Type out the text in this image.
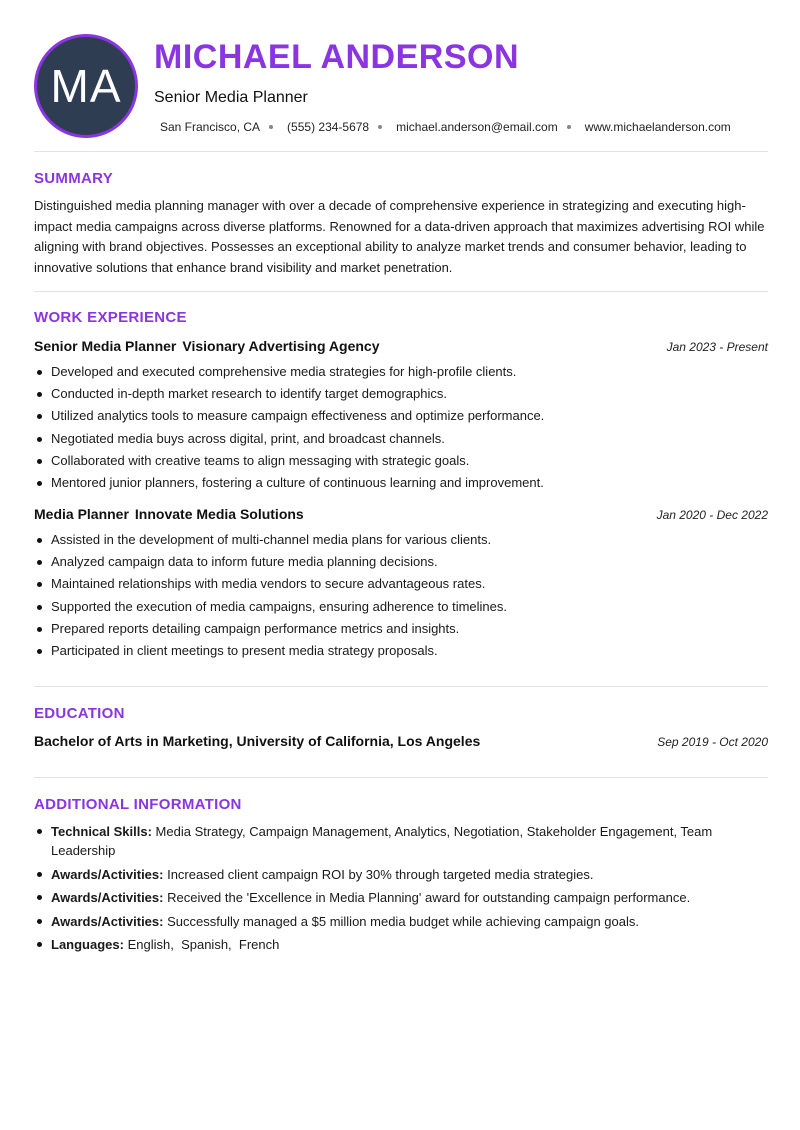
MA
MICHAEL ANDERSON
Senior Media Planner
San Francisco, CA (555) 234-5678 michael.anderson@email.com www.michaelanderson.com
SUMMARY
Distinguished media planning manager with over a decade of comprehensive experience in strategizing and executing high-impact media campaigns across diverse platforms. Renowned for a data-driven approach that maximizes advertising ROI while aligning with brand objectives. Possesses an exceptional ability to analyze market trends and consumer behavior, leading to innovative solutions that enhance brand visibility and market penetration.
WORK EXPERIENCE
Senior Media Planner Visionary Advertising Agency	Jan 2023 - Present
Developed and executed comprehensive media strategies for high-profile clients.
Conducted in-depth market research to identify target demographics.
Utilized analytics tools to measure campaign effectiveness and optimize performance.
Negotiated media buys across digital, print, and broadcast channels.
Collaborated with creative teams to align messaging with strategic goals.
Mentored junior planners, fostering a culture of continuous learning and improvement.
Media Planner Innovate Media Solutions	Jan 2020 - Dec 2022
Assisted in the development of multi-channel media plans for various clients.
Analyzed campaign data to inform future media planning decisions.
Maintained relationships with media vendors to secure advantageous rates.
Supported the execution of media campaigns, ensuring adherence to timelines.
Prepared reports detailing campaign performance metrics and insights.
Participated in client meetings to present media strategy proposals.
EDUCATION
Bachelor of Arts in Marketing, University of California, Los Angeles	Sep 2019 - Oct 2020
ADDITIONAL INFORMATION
Technical Skills: Media Strategy, Campaign Management, Analytics, Negotiation, Stakeholder Engagement, Team Leadership
Awards/Activities: Increased client campaign ROI by 30% through targeted media strategies.
Awards/Activities: Received the 'Excellence in Media Planning' award for outstanding campaign performance.
Awards/Activities: Successfully managed a $5 million media budget while achieving campaign goals.
Languages: English,  Spanish,  French
